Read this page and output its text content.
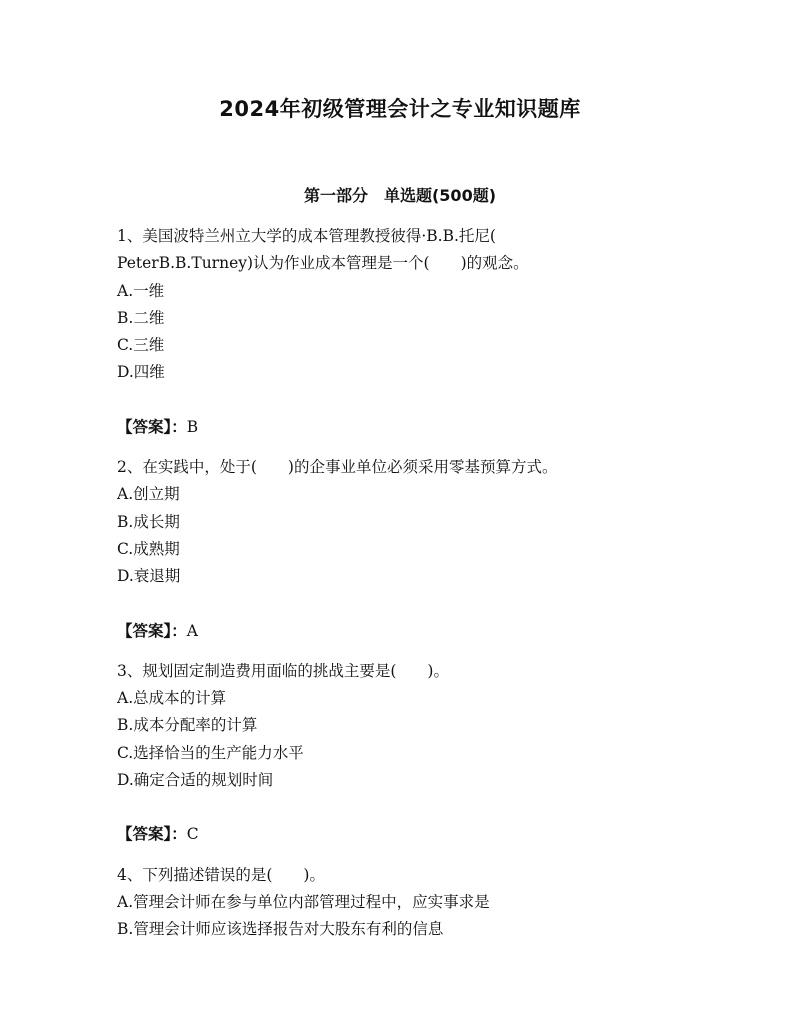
2024年初级管理会计之专业知识题库
第一部分　单选题(500题)
1、美国波特兰州立大学的成本管理教授彼得·B.B.托尼(
PeterB.B.Turney)认为作业成本管理是一个(　　)的观念。
A.一维
B.二维
C.三维
D.四维
【答案】：B
2、在实践中，处于(　　)的企事业单位必须采用零基预算方式。
A.创立期
B.成长期
C.成熟期
D.衰退期
【答案】：A
3、规划固定制造费用面临的挑战主要是(　　)。
A.总成本的计算
B.成本分配率的计算
C.选择恰当的生产能力水平
D.确定合适的规划时间
【答案】：C
4、下列描述错误的是(　　)。
A.管理会计师在参与单位内部管理过程中，应实事求是
B.管理会计师应该选择报告对大股东有利的信息
